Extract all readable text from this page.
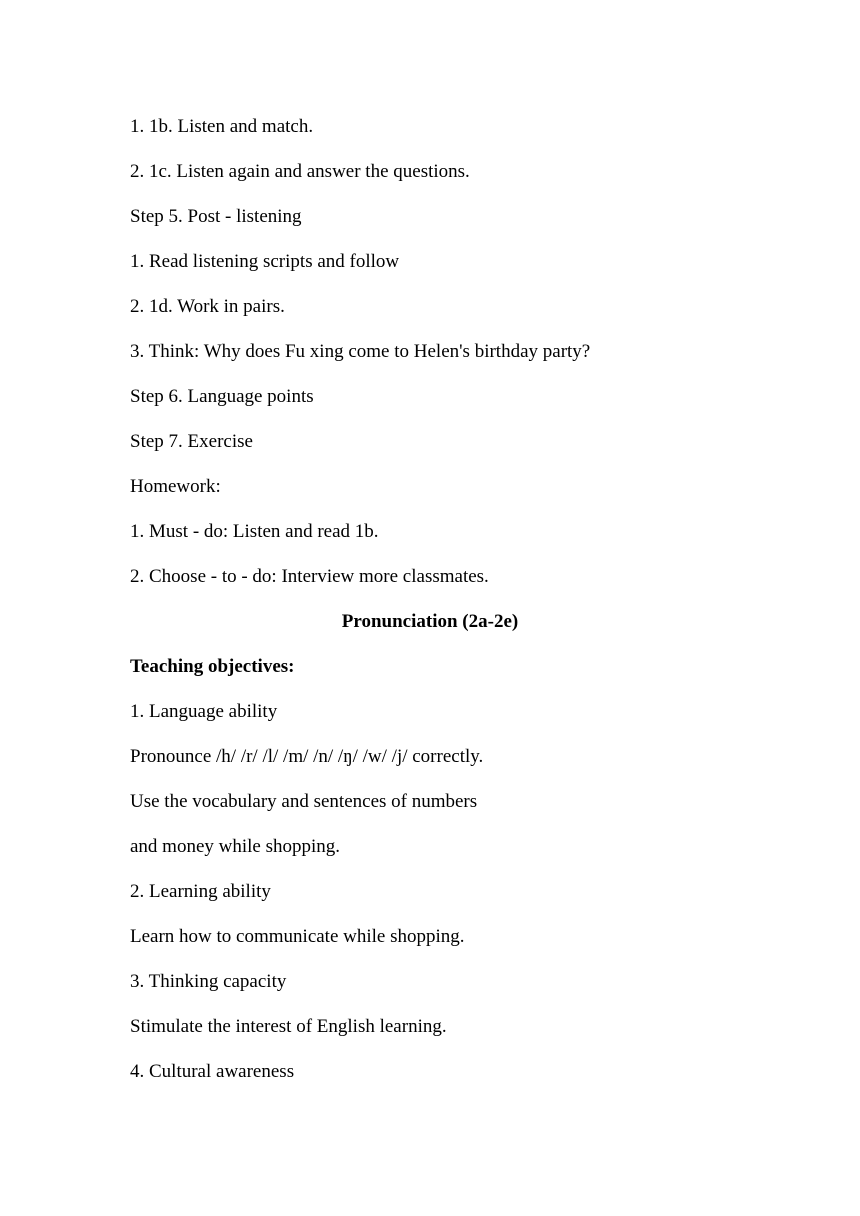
1. 1b. Listen and match.
2. 1c. Listen again and answer the questions.
Step 5. Post - listening
1. Read listening scripts and follow
2. 1d. Work in pairs.
3. Think: Why does Fu xing come to Helen's birthday party?
Step 6. Language points
Step 7. Exercise
Homework:
1. Must - do: Listen and read 1b.
2. Choose - to - do: Interview more classmates.
Pronunciation (2a-2e)
Teaching objectives:
1. Language ability
Pronounce /h/ /r/ /l/ /m/ /n/ /ŋ/ /w/ /j/ correctly.
Use the vocabulary and sentences of numbers
and money while shopping.
2. Learning ability
Learn how to communicate while shopping.
3. Thinking capacity
Stimulate the interest of English learning.
4. Cultural awareness
